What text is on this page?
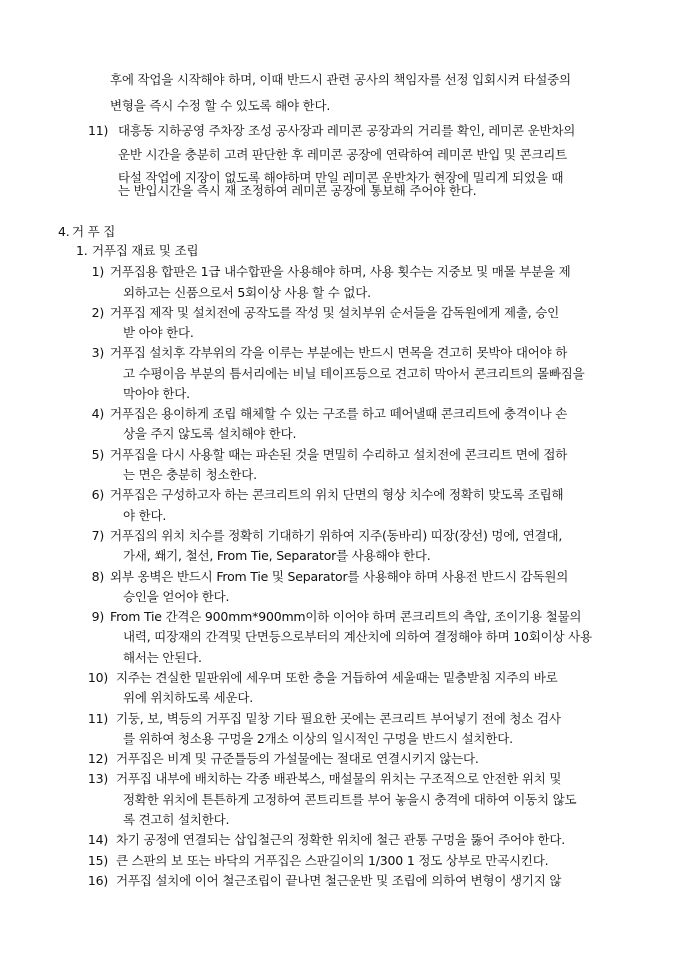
후에 작업을 시작해야 하며, 이때 반드시 관련 공사의 책임자를 선정 입회시켜 타설중의
변형을 즉시 수정 할 수 있도록 해야 한다.
11) 대흥동 지하공영 주차장 조성 공사장과 레미콘 공장과의 거리를 확인, 레미콘 운반차의
운반 시간을 충분히 고려 판단한 후 레미콘 공장에 연락하여 레미콘 반입 및 콘크리트
타설 작업에 지장이 없도록 해야하며 만일 레미콘 운반차가 현장에 밀리게 되었을 때
는 반입시간을 즉시 재 조정하여 레미콘 공장에 통보해 주어야 한다.
4. 거 푸 집
1. 거푸집 재료 및 조립
1) 거푸집용 합판은 1급 내수합판을 사용해야 하며, 사용 횟수는 지중보 및 매몰 부분을 제
외하고는 신품으로서 5회이상 사용 할 수 없다.
2) 거푸집 제작 및 설치전에 공작도를 작성 및 설치부위 순서들을 감독원에게 제출, 승인
받 아야 한다.
3) 거푸집 설치후 각부위의 각을 이루는 부분에는 반드시 면목을 견고히 못박아 대어야 하
고 수평이음 부분의 틈서리에는 비닐 테이프등으로 견고히 막아서 콘크리트의 몰빠짐을
막아야 한다.
4) 거푸집은 용이하게 조립 해체할 수 있는 구조를 하고 떼어낼때 콘크리트에 충격이나 손
상을 주지 않도록 설치해야 한다.
5) 거푸집을 다시 사용할 때는 파손된 것을 면밀히 수리하고 설치전에 콘크리트 면에 접하
는 면은 충분히 청소한다.
6) 거푸집은 구성하고자 하는 콘크리트의 위치 단면의 형상 치수에 정확히 맞도록 조립해
야 한다.
7) 거푸집의 위치 치수를 정확히 기대하기 위하여 지주(동바리) 띠장(장선) 멍에, 연결대,
가새, 쐐기, 철선, From Tie, Separator를 사용해야 한다.
8) 외부 옹벽은 반드시 From Tie 및 Separator를 사용해야 하며 사용전 반드시 감독원의
승인을 얻어야 한다.
9) From Tie 간격은 900mm*900mm이하 이어야 하며 콘크리트의 측압, 조이기용 철물의
내력, 띠장재의 간격및 단면등으로부터의 계산치에 의하여 결정해야 하며 10회이상 사용
해서는 안된다.
10) 지주는 견실한 밑판위에 세우며 또한 층을 거듭하여 세울때는 밑층받침 지주의 바로
위에 위치하도록 세운다.
11) 기둥, 보, 벽등의 거푸집 밑창 기타 필요한 곳에는 콘크리트 부어넣기 전에 청소 검사
를 위하여 청소용 구멍을 2개소 이상의 일시적인 구멍을 반드시 설치한다.
12) 거푸집은 비계 및 규준틀등의 가설물에는 절대로 연결시키지 않는다.
13) 거푸집 내부에 배치하는 각종 배관복스, 매설물의 위치는 구조적으로 안전한 위치 및
정확한 위치에 튼튼하게 고정하여 콘트리트를 부어 놓을시 충격에 대하여 이동치 않도
록 견고히 설치한다.
14) 차기 공정에 연결되는 삽입철근의 정확한 위치에 철근 관통 구멍을 뚫어 주어야 한다.
15) 큰 스판의 보 또는 바닥의 거푸집은 스판길이의 1/300 1 정도 상부로 만곡시킨다.
16) 거푸집 설치에 이어 철근조립이 끝나면 철근운반 및 조립에 의하여 변형이 생기지 않
